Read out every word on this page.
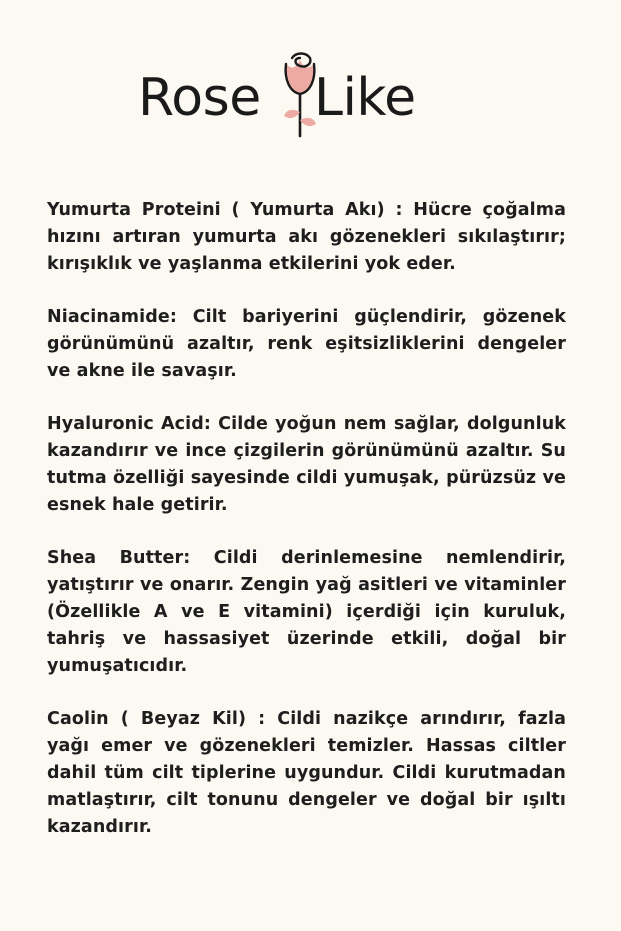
Rose Like

Yumurta Proteini ( Yumurta Akı) : Hücre çoğalma hızını artıran yumurta akı gözenekleri sıkılaştırır; kırışıklık ve yaşlanma etkilerini yok eder.

Niacinamide: Cilt bariyerini güçlendirir, gözenek görünümünü azaltır, renk eşitsizliklerini dengeler ve akne ile savaşır.

Hyaluronic Acid: Cilde yoğun nem sağlar, dolgunluk kazandırır ve ince çizgilerin görünümünü azaltır. Su tutma özelliği sayesinde cildi yumuşak, pürüzsüz ve esnek hale getirir.

Shea Butter: Cildi derinlemesine nemlendirir, yatıştırır ve onarır. Zengin yağ asitleri ve vitaminler (Özellikle A ve E vitamini) içerdiği için kuruluk, tahriş ve hassasiyet üzerinde etkili, doğal bir yumuşatıcıdır.

Caolin ( Beyaz Kil) : Cildi nazikçe arındırır, fazla yağı emer ve gözenekleri temizler. Hassas ciltler dahil tüm cilt tiplerine uygundur. Cildi kurutmadan matlaştırır, cilt tonunu dengeler ve doğal bir ışıltı kazandırır.
